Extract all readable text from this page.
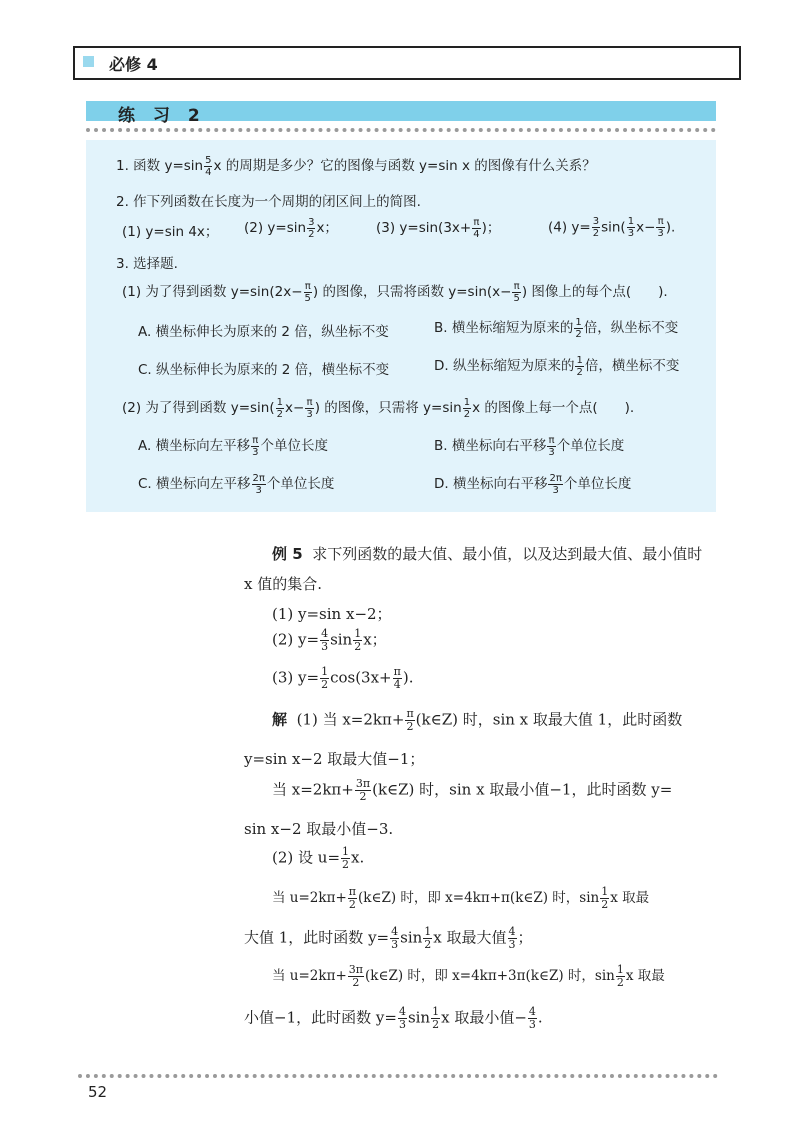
必修 4
练 习 2
1. 函数 $y=\sin \frac{5}{4}$ x 的周期是多少？它的图像与函数 y=sin x 的图像有什么关系？
2. 作下列函数在长度为一个周期的闭区间上的简图.
(1) y=sin 4x； (2) $y=\sin \frac{3}{2}$ x；	(3) $y=\sin(3x+ \frac{\pi}{4}$ )；	(4) $y= \frac{3}{2} \sin( \frac{1}{3} x- \frac{\pi}{3}$ ).
3. 选择题.
(1) 为了得到函数 $y=\sin(2x- \frac{\pi}{5}$ ) 的图像，只需将函数 $y=\sin(x- \frac{\pi}{5}$ ) 图像上的每个点(　　).
A. 横坐标伸长为原来的 2 倍，纵坐标不变	B. 横坐标缩短为原来的 $\frac{1}{2}$ 倍，纵坐标不变
C. 纵坐标伸长为原来的 2 倍，横坐标不变	D. 纵坐标缩短为原来的 $\frac{1}{2}$ 倍，横坐标不变
(2) 为了得到函数 $y=\sin( \frac{1}{2} x- \frac{\pi}{3}$ ) 的图像，只需将 $y=\sin \frac{1}{2}$ x 的图像上每一个点(　　).
A. 横坐标向左平移 $\frac{\pi}{3}$ 个单位长度	B. 横坐标向右平移 $\frac{\pi}{3}$ 个单位长度
C. 横坐标向左平移 $\frac{2\pi}{3}$ 个单位长度	D. 横坐标向右平移 $\frac{2\pi}{3}$ 个单位长度
例 5 求下列函数的最大值、最小值，以及达到最大值、最小值时
x 值的集合.
(1) y=sin x−2；
(2) $y= \frac{4}{3}$ $\sin \frac{1}{2}$ x；
(3) $y= \frac{1}{2} \cos(3x+ \frac{\pi}{4}$ ).
解 (1) 当 $x=2k\pi+ \frac{\pi}{2}$ (k∈Z) 时，sin x 取最大值 1，此时函数
y=sin x−2 取最大值−1；
当 $x=2k\pi+ \frac{3\pi}{2}$ (k∈Z) 时，sin x 取最小值−1，此时函数 y=
sin x−2 取最小值−3.
(2) 设 $u= \frac{1}{2} x$.
当 $u=2k\pi+ \frac{\pi}{2}$ (k∈Z) 时，即 x=4kπ+π(k∈Z) 时，$\sin \frac{1}{2}$ x 取最
大值 1，此时函数 $y= \frac{4}{3}$ $\sin \frac{1}{2}$ x 取最大值 $\frac{4}{3}$ ；
当 $u=2k\pi+ \frac{3\pi}{2}$ (k∈Z) 时，即 x=4kπ+3π(k∈Z) 时，$\sin \frac{1}{2}$ x 取最
小值−1，此时函数 $y= \frac{4}{3}$ $\sin \frac{1}{2}$ x 取最小值− $\frac{4}{3}$ .
52
